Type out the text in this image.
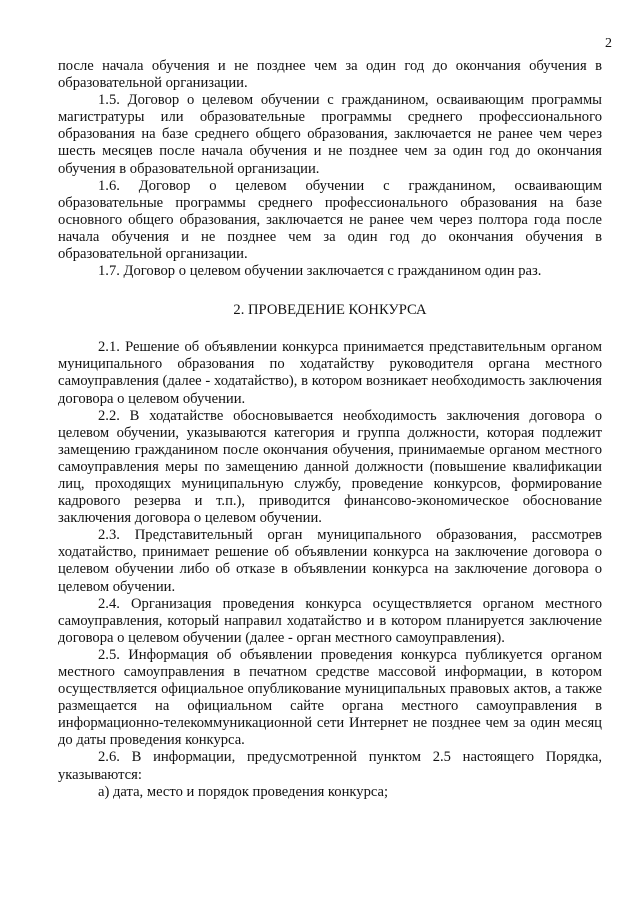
2

после начала обучения и не позднее чем за один год до окончания обучения в образовательной организации.

1.5. Договор о целевом обучении с гражданином, осваивающим программы магистратуры или образовательные программы среднего профессионального образования на базе среднего общего образования, заключается не ранее чем через шесть месяцев после начала обучения и не позднее чем за один год до окончания обучения в образовательной организации.

1.6. Договор о целевом обучении с гражданином, осваивающим образовательные программы среднего профессионального образования на базе основного общего образования, заключается не ранее чем через полтора года после начала обучения и не позднее чем за один год до окончания обучения в образовательной организации.

1.7. Договор о целевом обучении заключается с гражданином один раз.

2. ПРОВЕДЕНИЕ КОНКУРСА

2.1. Решение об объявлении конкурса принимается представительным органом муниципального образования по ходатайству руководителя органа местного самоуправления (далее - ходатайство), в котором возникает необходимость заключения договора о целевом обучении.

2.2. В ходатайстве обосновывается необходимость заключения договора о целевом обучении, указываются категория и группа должности, которая подлежит замещению гражданином после окончания обучения, принимаемые органом местного самоуправления меры по замещению данной должности (повышение квалификации лиц, проходящих муниципальную службу, проведение конкурсов, формирование кадрового резерва и т.п.), приводится финансово-экономическое обоснование заключения договора о целевом обучении.

2.3. Представительный орган муниципального образования, рассмотрев ходатайство, принимает решение об объявлении конкурса на заключение договора о целевом обучении либо об отказе в объявлении конкурса на заключение договора о целевом обучении.

2.4. Организация проведения конкурса осуществляется органом местного самоуправления, который направил ходатайство и в котором планируется заключение договора о целевом обучении (далее - орган местного самоуправления).

2.5. Информация об объявлении проведения конкурса публикуется органом местного самоуправления в печатном средстве массовой информации, в котором осуществляется официальное опубликование муниципальных правовых актов, а также размещается на официальном сайте органа местного самоуправления в информационно-телекоммуникационной сети Интернет не позднее чем за один месяц до даты проведения конкурса.

2.6. В информации, предусмотренной пунктом 2.5 настоящего Порядка, указываются:

а) дата, место и порядок проведения конкурса;
